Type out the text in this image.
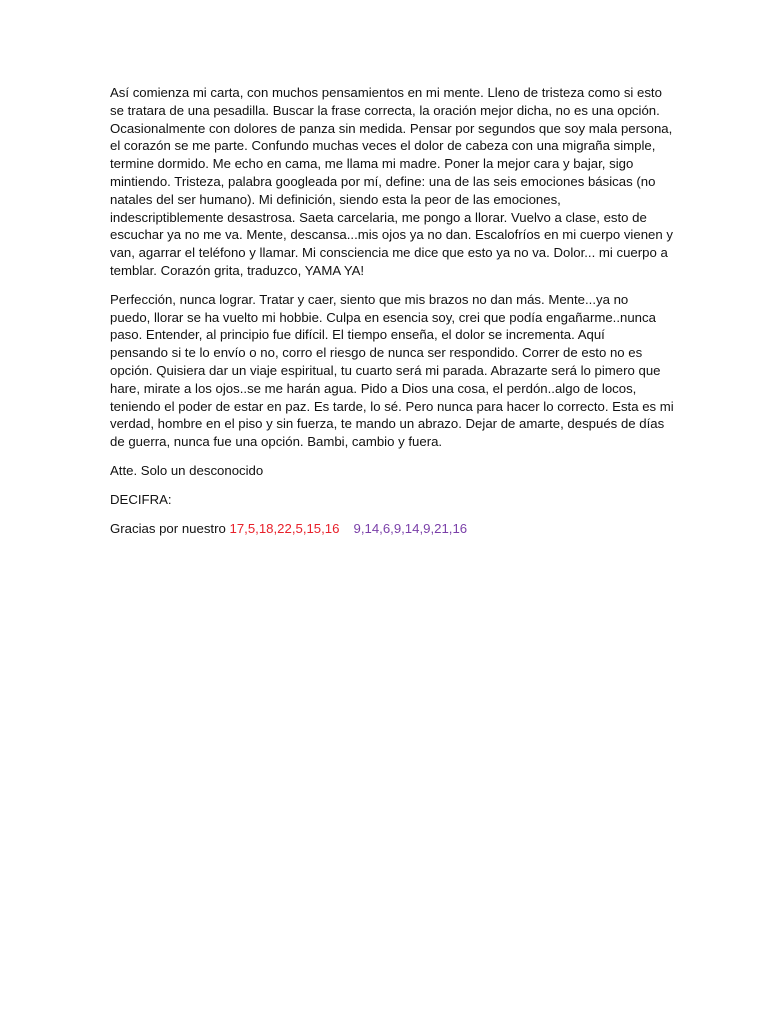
Así comienza mi carta, con muchos pensamientos en mi mente. Lleno de tristeza como si esto
se tratara de una pesadilla. Buscar la frase correcta, la oración mejor dicha, no es una opción.
Ocasionalmente con dolores de panza sin medida. Pensar por segundos que soy mala persona,
el corazón se me parte. Confundo muchas veces el dolor de cabeza con una migraña simple,
termine dormido. Me echo en cama, me llama mi madre. Poner la mejor cara y bajar, sigo
mintiendo. Tristeza, palabra googleada por mí, define: una de las seis emociones básicas (no
natales del ser humano). Mi definición, siendo esta la peor de las emociones,
indescriptiblemente desastrosa. Saeta carcelaria, me pongo a llorar. Vuelvo a clase, esto de
escuchar ya no me va. Mente, descansa...mis ojos ya no dan. Escalofríos en mi cuerpo vienen y
van, agarrar el teléfono y llamar. Mi consciencia me dice que esto ya no va. Dolor... mi cuerpo a
temblar. Corazón grita, traduzco, YAMA YA!

Perfección, nunca lograr. Tratar y caer, siento que mis brazos no dan más. Mente...ya no
puedo, llorar se ha vuelto mi hobbie. Culpa en esencia soy, crei que podía engañarme..nunca
paso. Entender, al principio fue difícil. El tiempo enseña, el dolor se incrementa. Aquí
pensando si te lo envío o no, corro el riesgo de nunca ser respondido. Correr de esto no es
opción. Quisiera dar un viaje espiritual, tu cuarto será mi parada. Abrazarte será lo pimero que
hare, mirate a los ojos..se me harán agua. Pido a Dios una cosa, el perdón..algo de locos,
teniendo el poder de estar en paz. Es tarde, lo sé. Pero nunca para hacer lo correcto. Esta es mi
verdad, hombre en el piso y sin fuerza, te mando un abrazo. Dejar de amarte, después de días
de guerra, nunca fue una opción. Bambi, cambio y fuera.

Atte. Solo un desconocido

DECIFRA:

Gracias por nuestro 17,5,18,22,5,15,16 9,14,6,9,14,9,21,16
